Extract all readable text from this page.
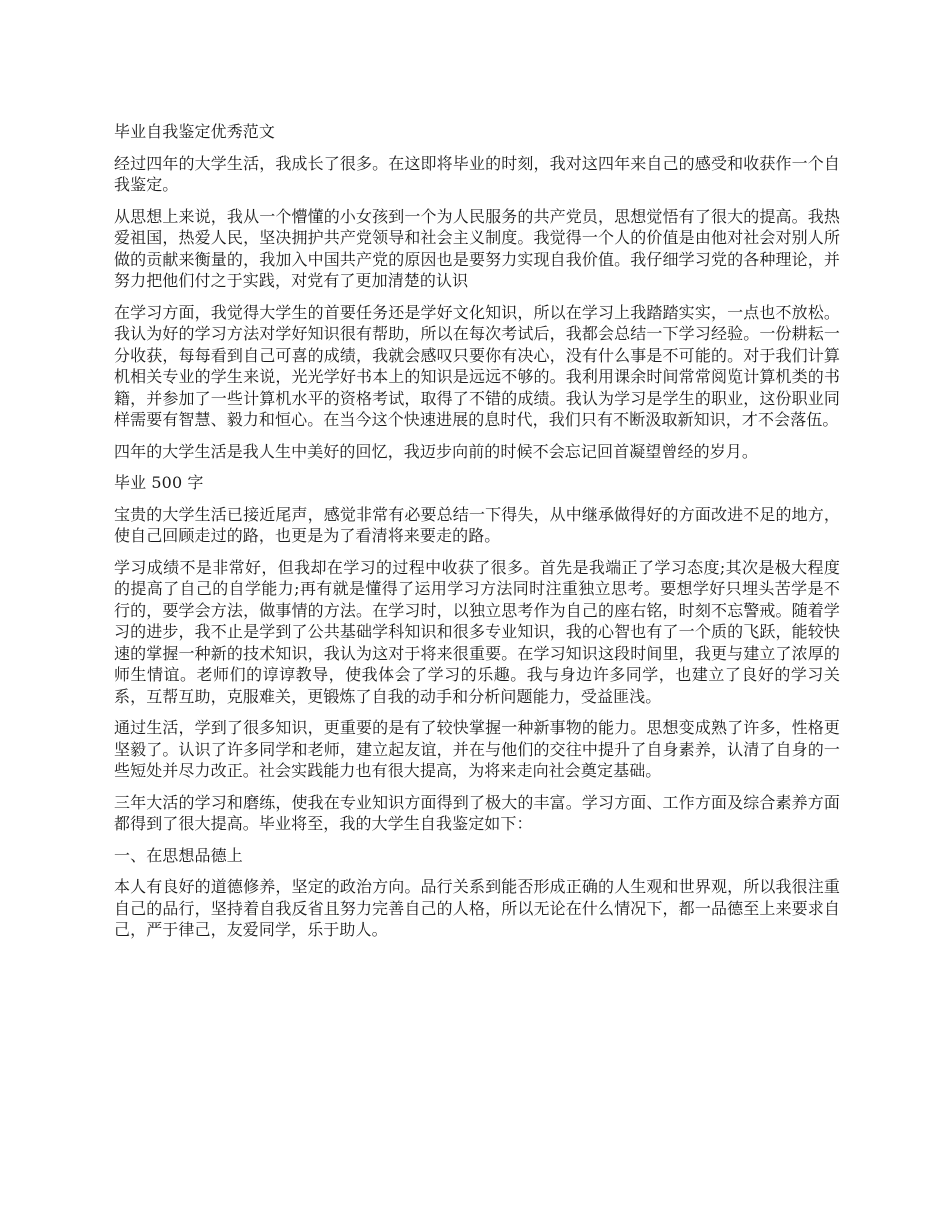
毕业自我鉴定优秀范文

经过四年的大学生活，我成长了很多。在这即将毕业的时刻，我对这四年来自己的感受和收获作一个自我鉴定。

从思想上来说，我从一个懵懂的小女孩到一个为人民服务的共产党员，思想觉悟有了很大的提高。我热爱祖国，热爱人民，坚决拥护共产党领导和社会主义制度。我觉得一个人的价值是由他对社会对别人所做的贡献来衡量的，我加入中国共产党的原因也是要努力实现自我价值。我仔细学习党的各种理论，并努力把他们付之于实践，对党有了更加清楚的认识

在学习方面，我觉得大学生的首要任务还是学好文化知识，所以在学习上我踏踏实实，一点也不放松。我认为好的学习方法对学好知识很有帮助，所以在每次考试后，我都会总结一下学习经验。一份耕耘一分收获，每每看到自己可喜的成绩，我就会感叹只要你有决心，没有什么事是不可能的。对于我们计算机相关专业的学生来说，光光学好书本上的知识是远远不够的。我利用课余时间常常阅览计算机类的书籍，并参加了一些计算机水平的资格考试，取得了不错的成绩。我认为学习是学生的职业，这份职业同样需要有智慧、毅力和恒心。在当今这个快速进展的息时代，我们只有不断汲取新知识，才不会落伍。

四年的大学生活是我人生中美好的回忆，我迈步向前的时候不会忘记回首凝望曾经的岁月。

毕业 500 字

宝贵的大学生活已接近尾声，感觉非常有必要总结一下得失，从中继承做得好的方面改进不足的地方，使自己回顾走过的路，也更是为了看清将来要走的路。

学习成绩不是非常好，但我却在学习的过程中收获了很多。首先是我端正了学习态度;其次是极大程度的提高了自己的自学能力;再有就是懂得了运用学习方法同时注重独立思考。要想学好只埋头苦学是不行的，要学会方法，做事情的方法。在学习时，以独立思考作为自己的座右铭，时刻不忘警戒。随着学习的进步，我不止是学到了公共基础学科知识和很多专业知识，我的心智也有了一个质的飞跃，能较快速的掌握一种新的技术知识，我认为这对于将来很重要。在学习知识这段时间里，我更与建立了浓厚的师生情谊。老师们的谆谆教导，使我体会了学习的乐趣。我与身边许多同学，也建立了良好的学习关系，互帮互助，克服难关，更锻炼了自我的动手和分析问题能力，受益匪浅。

通过生活，学到了很多知识，更重要的是有了较快掌握一种新事物的能力。思想变成熟了许多，性格更坚毅了。认识了许多同学和老师，建立起友谊，并在与他们的交往中提升了自身素养，认清了自身的一些短处并尽力改正。社会实践能力也有很大提高，为将来走向社会奠定基础。

三年大活的学习和磨练，使我在专业知识方面得到了极大的丰富。学习方面、工作方面及综合素养方面都得到了很大提高。毕业将至，我的大学生自我鉴定如下：

一、在思想品德上

本人有良好的道德修养，坚定的政治方向。品行关系到能否形成正确的人生观和世界观，所以我很注重自己的品行，坚持着自我反省且努力完善自己的人格，所以无论在什么情况下，都一品德至上来要求自己，严于律己，友爱同学，乐于助人。
